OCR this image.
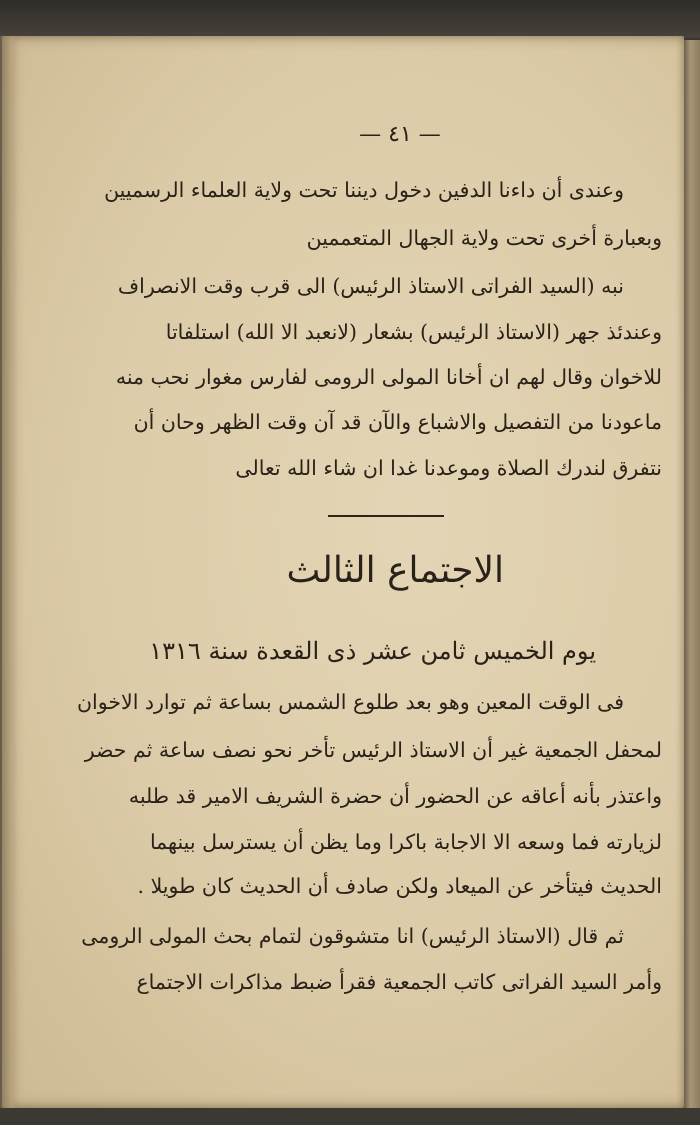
— ٤١ —
وعندى أن داءنا الدفين دخول ديننا تحت ولاية العلماء الرسميين
وبعبارة أخرى تحت ولاية الجهال المتعممين
نبه (السيد الفراتى الاستاذ الرئيس) الى قرب وقت الانصراف
وعندئذ جهر (الاستاذ الرئيس) بشعار (لانعبد الا الله) استلفاتا
للاخوان وقال لهم ان أخانا المولى الرومى لفارس مغوار نحب منه
ماعودنا من التفصيل والاشباع والآن قد آن وقت الظهر وحان أن
نتفرق لندرك الصلاة وموعدنا غدا ان شاء الله تعالى
الاجتماع الثالث
يوم الخميس ثامن عشر ذى القعدة سنة ١٣١٦
فى الوقت المعين وهو بعد طلوع الشمس بساعة ثم توارد الاخوان
لمحفل الجمعية غير أن الاستاذ الرئيس تأخر نحو نصف ساعة ثم حضر
واعتذر بأنه أعاقه عن الحضور أن حضرة الشريف الامير قد طلبه
لزيارته فما وسعه الا الاجابة باكرا وما يظن أن يسترسل بينهما
الحديث فيتأخر عن الميعاد ولكن صادف أن الحديث كان طويلا .
ثم قال (الاستاذ الرئيس) انا متشوقون لتمام بحث المولى الرومى
وأمر السيد الفراتى كاتب الجمعية فقرأ ضبط مذاكرات الاجتماع
